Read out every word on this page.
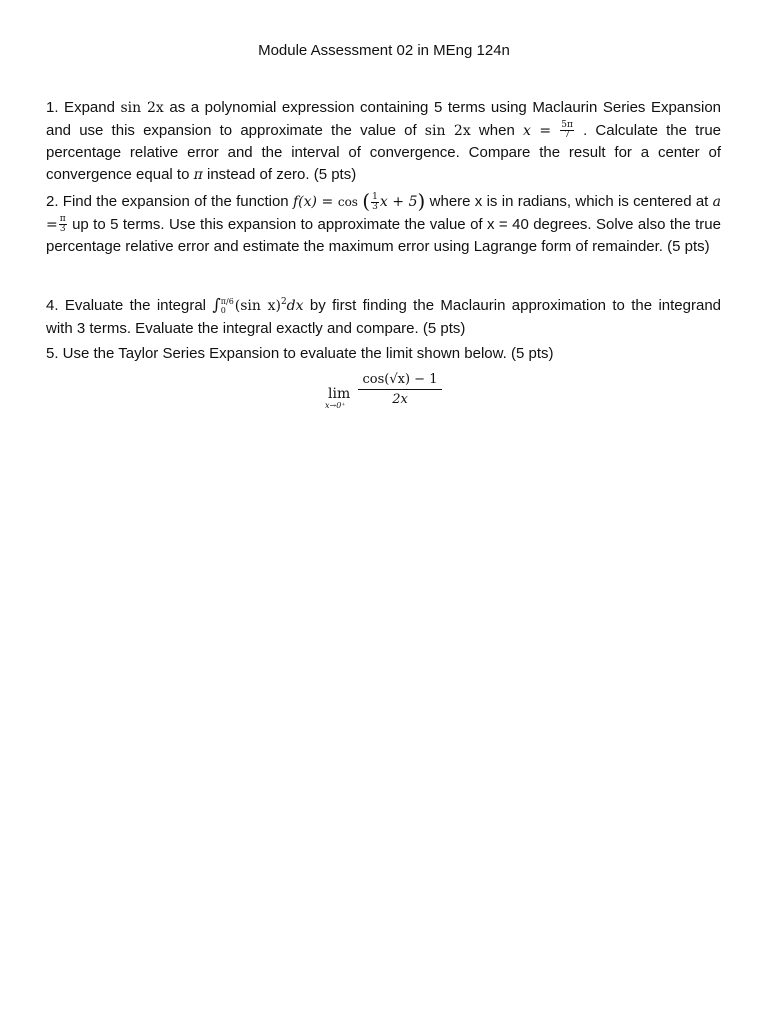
Module Assessment 02 in MEng 124n
1. Expand sin 2x as a polynomial expression containing 5 terms using Maclaurin Series Expansion and use this expansion to approximate the value of sin 2x when $x = \frac{5\pi}{7}$ . Calculate the true percentage relative error and the interval of convergence. Compare the result for a center of convergence equal to π instead of zero. (5 pts)
2. Find the expansion of the function f(x) = cos ( $\frac{1}{3}$ x + 5) where x is in radians, which is centered at $a = \frac{\pi}{3}$ up to 5 terms. Use this expansion to approximate the value of x = 40 degrees. Solve also the true percentage relative error and estimate the maximum error using Lagrange form of remainder. (5 pts)
4. Evaluate the integral ∫ π/6
0 (sin x)$^2$dx by first finding the Maclaurin approximation to the integrand with 3 terms. Evaluate the integral exactly and compare. (5 pts)
5. Use the Taylor Series Expansion to evaluate the limit shown below. (5 pts)
lim
$x\to 0^+ \frac{\cos(√x) - 1}{2x}$
